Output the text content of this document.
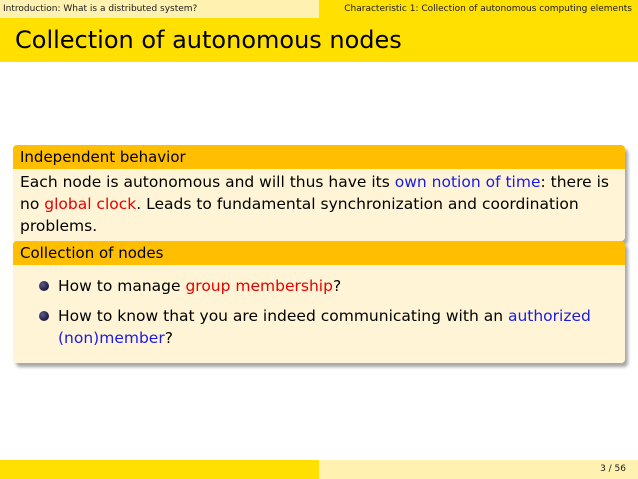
Introduction: What is a distributed system?	Characteristic 1: Collection of autonomous computing elements
Collection of autonomous nodes
Independent behavior
Each node is autonomous and will thus have its own notion of time: there is no global clock. Leads to fundamental synchronization and coordination problems.
Collection of nodes
How to manage group membership?
How to know that you are indeed communicating with an authorized (non)member?
3 / 56
